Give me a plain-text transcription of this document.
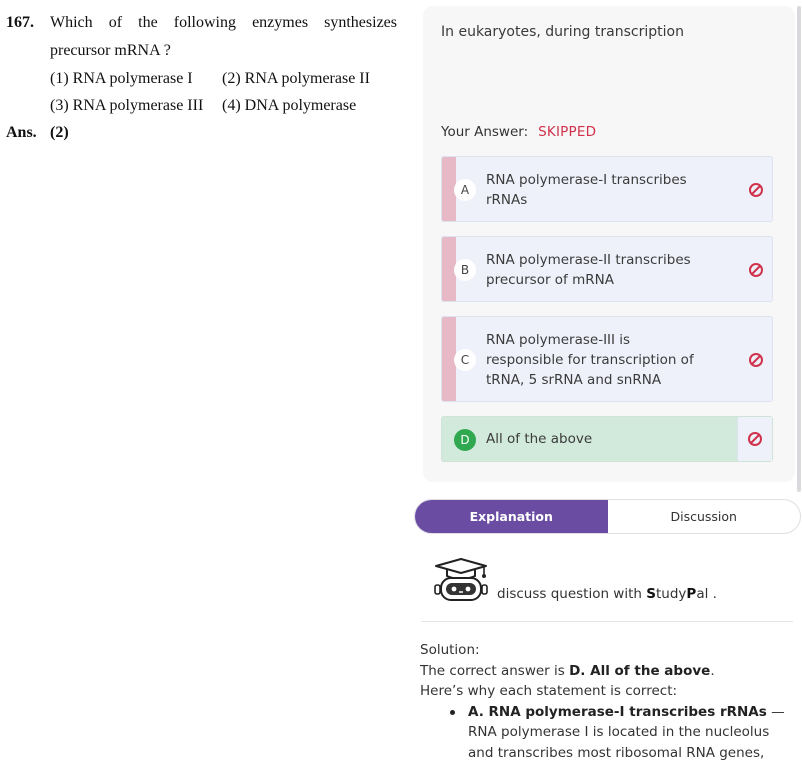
167. Which of the following enzymes synthesizes
precursor mRNA ?
(1) RNA polymerase I (2) RNA polymerase II
(3) RNA polymerase III (4) DNA polymerase
Ans. (2)
In eukaryotes, during transcription
Your Answer: SKIPPED
A
RNA polymerase-I transcribes
rRNAs
B
RNA polymerase-II transcribes
precursor of mRNA
C
RNA polymerase-III is
responsible for transcription of
tRNA, 5 srRNA and snRNA
D	All of the above
Explanation	Discussion
discuss question with StudyPal .
Solution:
The correct answer is D. All of the above.
Here’s why each statement is correct:
A. RNA polymerase-I transcribes rRNAs —
RNA polymerase I is located in the nucleolus
and transcribes most ribosomal RNA genes,
